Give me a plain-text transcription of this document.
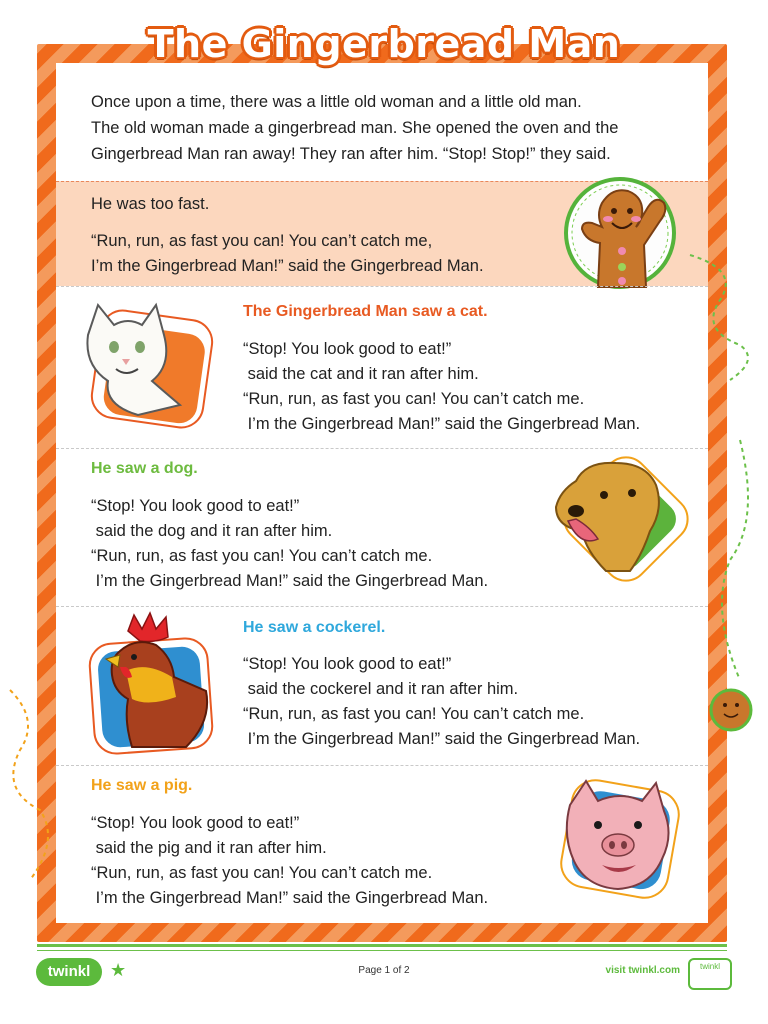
Once upon a time, there was a little old woman and a little old man.
The old woman made a gingerbread man. She opened the oven and the
Gingerbread Man ran away! They ran after him. “Stop! Stop!” they said.
He was too fast.
“Run, run, as fast you can! You can’t catch me,
I’m the Gingerbread Man!” said the Gingerbread Man.
The Gingerbread Man saw a cat.
“Stop! You look good to eat!”
said the cat and it ran after him.
“Run, run, as fast you can! You can’t catch me.
I’m the Gingerbread Man!” said the Gingerbread Man.
He saw a dog.
“Stop! You look good to eat!”
said the dog and it ran after him.
“Run, run, as fast you can! You can’t catch me.
I’m the Gingerbread Man!” said the Gingerbread Man.
He saw a cockerel.
“Stop! You look good to eat!”
said the cockerel and it ran after him.
“Run, run, as fast you can! You can’t catch me.
I’m the Gingerbread Man!” said the Gingerbread Man.
He saw a pig.
“Stop! You look good to eat!”
said the pig and it ran after him.
“Run, run, as fast you can! You can’t catch me.
I’m the Gingerbread Man!” said the Gingerbread Man.
The Gingerbread Man
twinkl	★	Page 1 of 2	visit twinkl.com	twinkl
